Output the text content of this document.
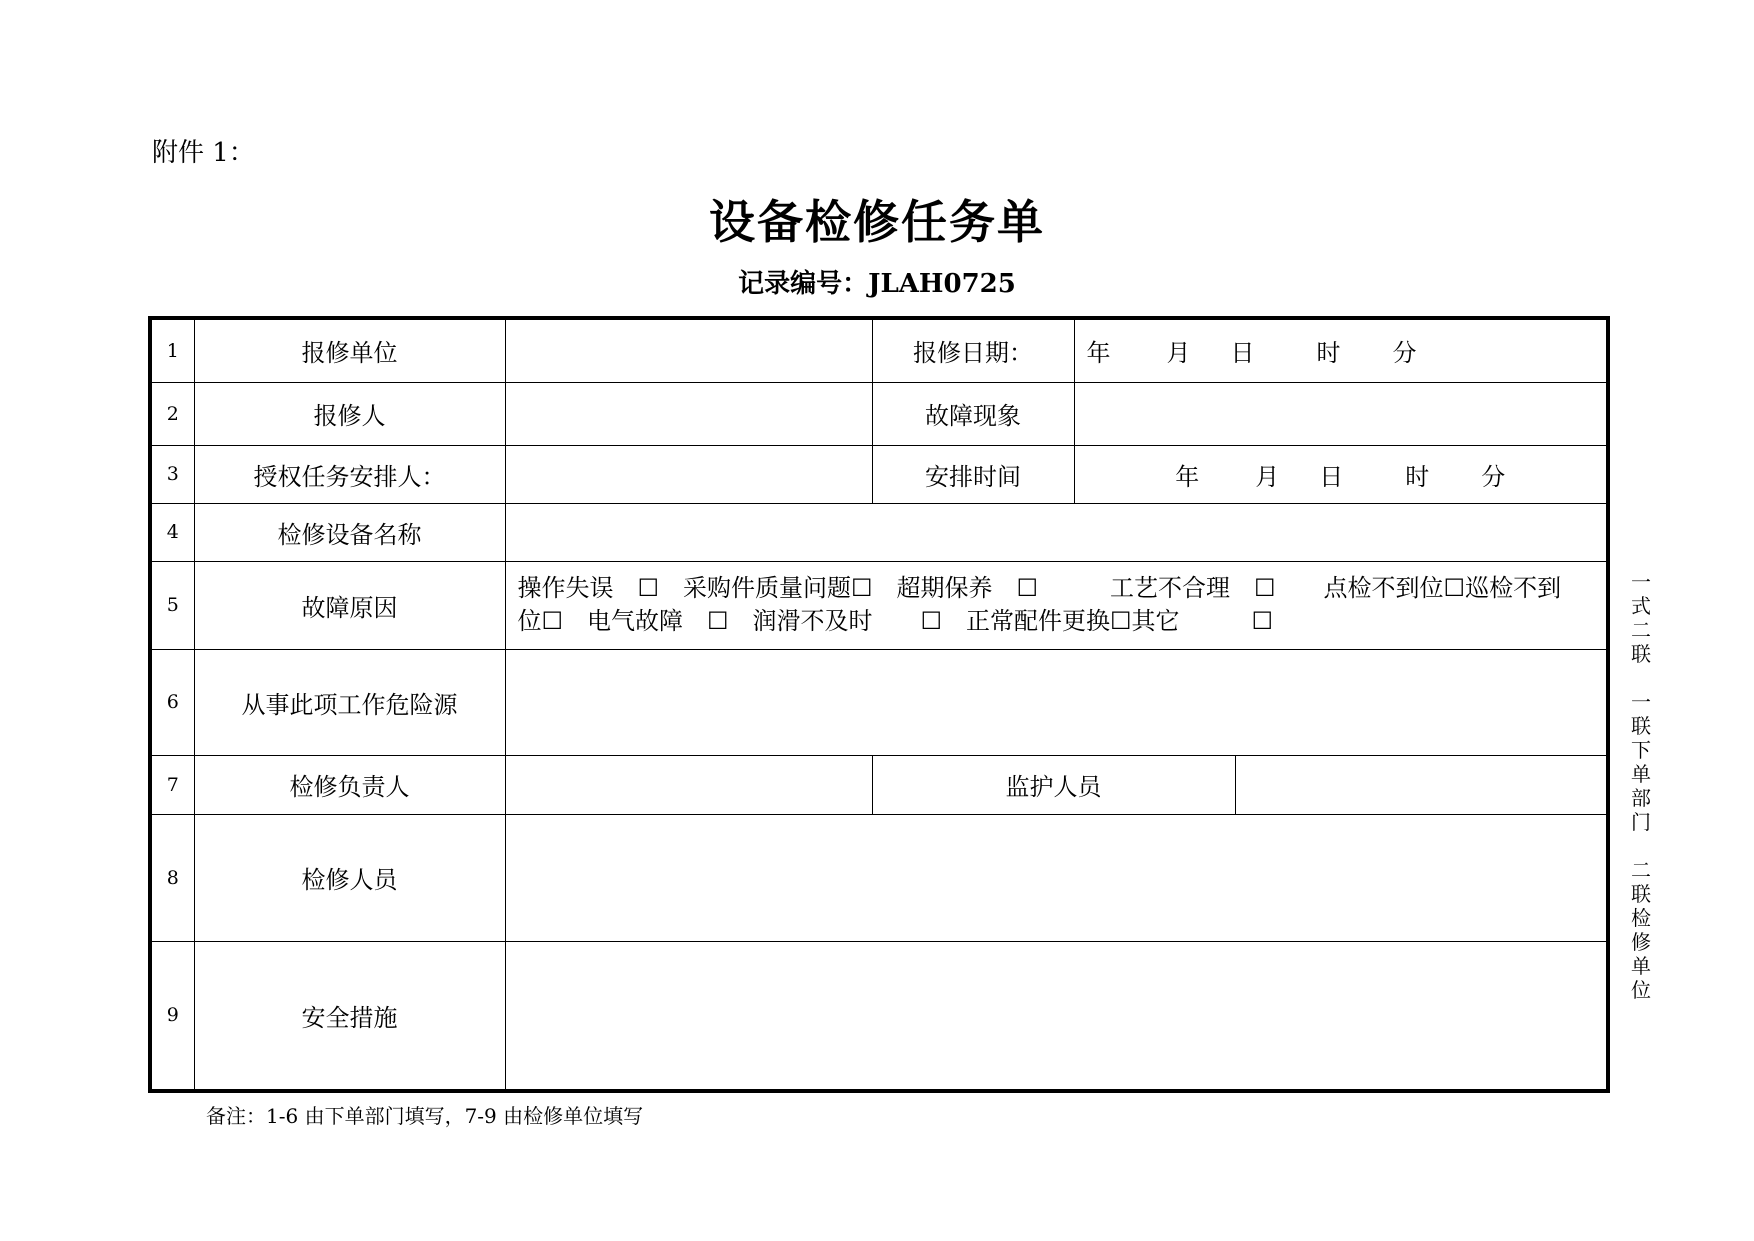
附件 1：
设备检修任务单
记录编号：JLAH0725
1	报修单位		报修日期：	年 月 日 时 分	
2	报修人		故障现象		
3	授权任务安排人：		安排时间	年 月 日 时 分	
4	检修设备名称				
5	故障原因	操作失误　☐　采购件质量问题☐　超期保养　☐　　　工艺不合理　☐　　点检不到位☐巡检不到
位☐　电气故障　☐　润滑不及时　　☐　正常配件更换☐其它　　　☐			

6	从事此项工作危险源				
7	检修负责人		监护人员		
8	检修人员				
9	安全措施				
备注：1-6 由下单部门填写，7-9 由检修单位填写
一
式
二
联

一
联
下
单
部
门

二
联
检
修
单
位
